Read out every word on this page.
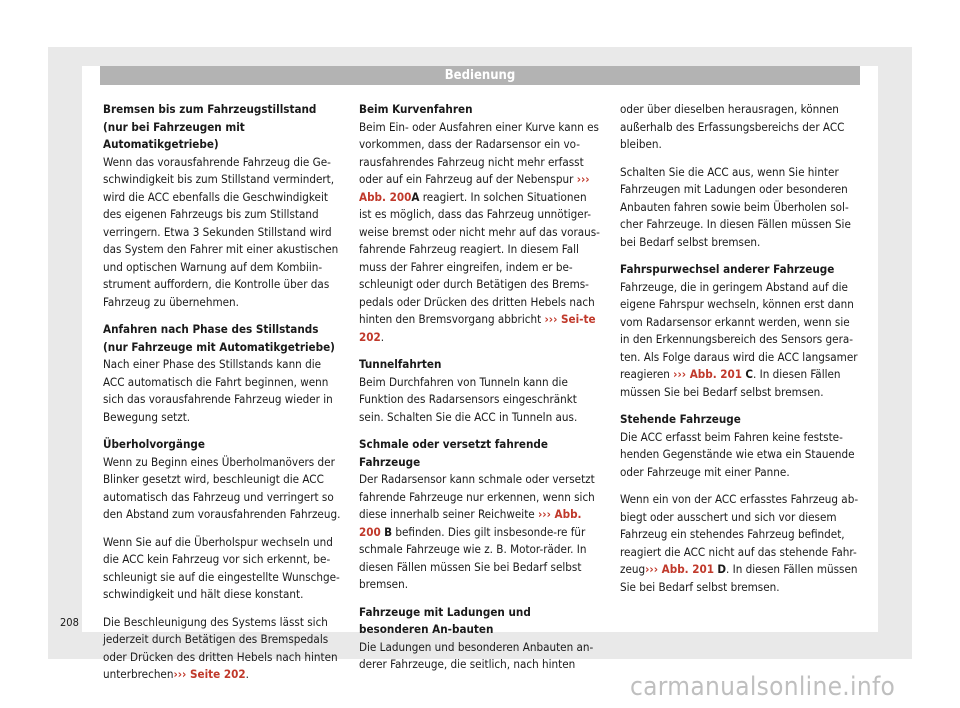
Bedienung
Bremsen bis zum Fahrzeugstillstand (nur bei Fahrzeugen mit Automatikgetriebe)

Wenn das vorausfahrende Fahrzeug die Ge-schwindigkeit bis zum Stillstand vermindert, wird die ACC ebenfalls die Geschwindigkeit des eigenen Fahrzeugs bis zum Stillstand verringern. Etwa 3 Sekunden Stillstand wird das System den Fahrer mit einer akustischen und optischen Warnung auf dem Kombiin-strument auffordern, die Kontrolle über das Fahrzeug zu übernehmen.

Anfahren nach Phase des Stillstands (nur Fahrzeuge mit Automatikgetriebe)

Nach einer Phase des Stillstands kann die ACC automatisch die Fahrt beginnen, wenn sich das vorausfahrende Fahrzeug wieder in Bewegung setzt.

Überholvorgänge

Wenn zu Beginn eines Überholmanövers der Blinker gesetzt wird, beschleunigt die ACC automatisch das Fahrzeug und verringert so den Abstand zum vorausfahrenden Fahrzeug.

Wenn Sie auf die Überholspur wechseln und die ACC kein Fahrzeug vor sich erkennt, be-schleunigt sie auf die eingestellte Wunschge-schwindigkeit und hält diese konstant.

Die Beschleunigung des Systems lässt sich jederzeit durch Betätigen des Bremspedals oder Drücken des dritten Hebels nach hinten unterbrechen››› Seite 202.

Beim Kurvenfahren

Beim Ein- oder Ausfahren einer Kurve kann es vorkommen, dass der Radarsensor ein vo-rausfahrendes Fahrzeug nicht mehr erfasst oder auf ein Fahrzeug auf der Nebenspur ››› Abb. 200A reagiert. In solchen Situationen ist es möglich, dass das Fahrzeug unnötiger-weise bremst oder nicht mehr auf das voraus-fahrende Fahrzeug reagiert. In diesem Fall muss der Fahrer eingreifen, indem er be-schleunigt oder durch Betätigen des Brems-pedals oder Drücken des dritten Hebels nach hinten den Bremsvorgang abbricht ››› Sei-te 202.

Tunnelfahrten

Beim Durchfahren von Tunneln kann die Funktion des Radarsensors eingeschränkt sein. Schalten Sie die ACC in Tunneln aus.

Schmale oder versetzt fahrende Fahrzeuge

Der Radarsensor kann schmale oder versetzt fahrende Fahrzeuge nur erkennen, wenn sich diese innerhalb seiner Reichweite ››› Abb. 200 B befinden. Dies gilt insbesonde-re für schmale Fahrzeuge wie z. B. Motor-räder. In diesen Fällen müssen Sie bei Bedarf selbst bremsen.

Fahrzeuge mit Ladungen und besonderen An-bauten

Die Ladungen und besonderen Anbauten an-derer Fahrzeuge, die seitlich, nach hinten

oder über dieselben herausragen, können außerhalb des Erfassungsbereichs der ACC bleiben.

Schalten Sie die ACC aus, wenn Sie hinter Fahrzeugen mit Ladungen oder besonderen Anbauten fahren sowie beim Überholen sol-cher Fahrzeuge. In diesen Fällen müssen Sie bei Bedarf selbst bremsen.

Fahrspurwechsel anderer Fahrzeuge

Fahrzeuge, die in geringem Abstand auf die eigene Fahrspur wechseln, können erst dann vom Radarsensor erkannt werden, wenn sie in den Erkennungsbereich des Sensors gera-ten. Als Folge daraus wird die ACC langsamer reagieren ››› Abb. 201 C. In diesen Fällen müssen Sie bei Bedarf selbst bremsen.

Stehende Fahrzeuge

Die ACC erfasst beim Fahren keine festste-henden Gegenstände wie etwa ein Stauende oder Fahrzeuge mit einer Panne.

Wenn ein von der ACC erfasstes Fahrzeug ab-biegt oder ausschert und sich vor diesem Fahrzeug ein stehendes Fahrzeug befindet, reagiert die ACC nicht auf das stehende Fahr-zeug››› Abb. 201 D. In diesen Fällen müssen Sie bei Bedarf selbst bremsen.

208
carmanualsonline.info
